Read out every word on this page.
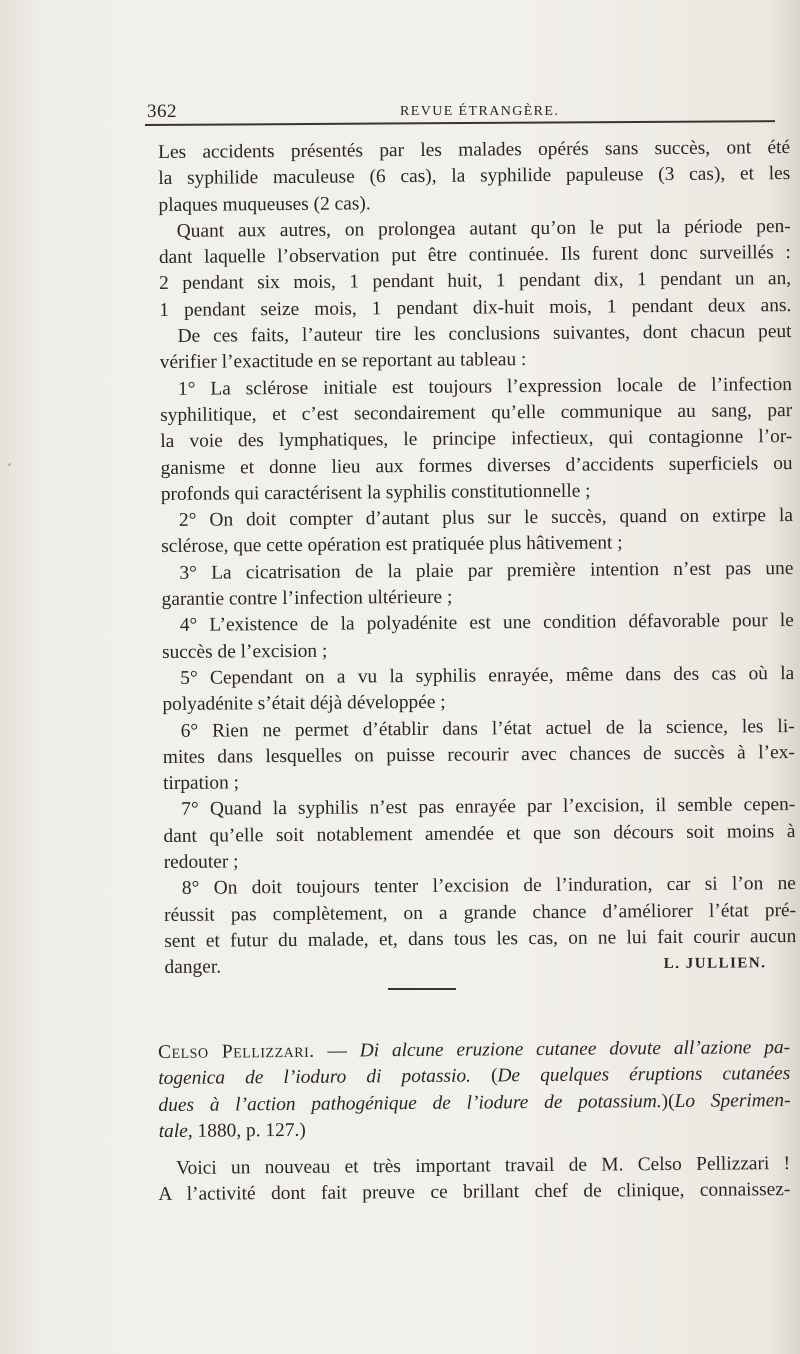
362	REVUE ÉTRANGÈRE.
′
Les accidents présentés par les malades opérés sans succès, ont été
la syphilide maculeuse (6 cas), la syphilide papuleuse (3 cas), et les
plaques muqueuses (2 cas).
Quant aux autres, on prolongea autant qu’on le put la période pen-
dant laquelle l’observation put être continuée. Ils furent donc surveillés :
2 pendant six mois, 1 pendant huit, 1 pendant dix, 1 pendant un an,
1 pendant seize mois, 1 pendant dix-huit mois, 1 pendant deux ans.
De ces faits, l’auteur tire les conclusions suivantes, dont chacun peut
vérifier l’exactitude en se reportant au tableau :
1° La sclérose initiale est toujours l’expression locale de l’infection
syphilitique, et c’est secondairement qu’elle communique au sang, par
la voie des lymphatiques, le principe infectieux, qui contagionne l’or-
ganisme et donne lieu aux formes diverses d’accidents superficiels ou
profonds qui caractérisent la syphilis constitutionnelle ;
2° On doit compter d’autant plus sur le succès, quand on extirpe la
sclérose, que cette opération est pratiquée plus hâtivement ;
3° La cicatrisation de la plaie par première intention n’est pas une
garantie contre l’infection ultérieure ;
4° L’existence de la polyadénite est une condition défavorable pour le
succès de l’excision ;
5° Cependant on a vu la syphilis enrayée, même dans des cas où la
polyadénite s’était déjà développée ;
6° Rien ne permet d’établir dans l’état actuel de la science, les li-
mites dans lesquelles on puisse recourir avec chances de succès à l’ex-
tirpation ;
7° Quand la syphilis n’est pas enrayée par l’excision, il semble cepen-
dant qu’elle soit notablement amendée et que son décours soit moins à
redouter ;
8° On doit toujours tenter l’excision de l’induration, car si l’on ne
réussit pas complètement, on a grande chance d’améliorer l’état pré-
sent et futur du malade, et, dans tous les cas, on ne lui fait courir aucun
danger.	L. JULLIEN.
Celso Pellizzari. — Di alcune eruzione cutanee dovute all’azione pa-
togenica de l’ioduro di potassio. (De quelques éruptions cutanées
dues à l’action pathogénique de l’iodure de potassium.)(Lo Sperimen-
tale, 1880, p. 127.)
Voici un nouveau et très important travail de M. Celso Pellizzari !
A l’activité dont fait preuve ce brillant chef de clinique, connaissez-
